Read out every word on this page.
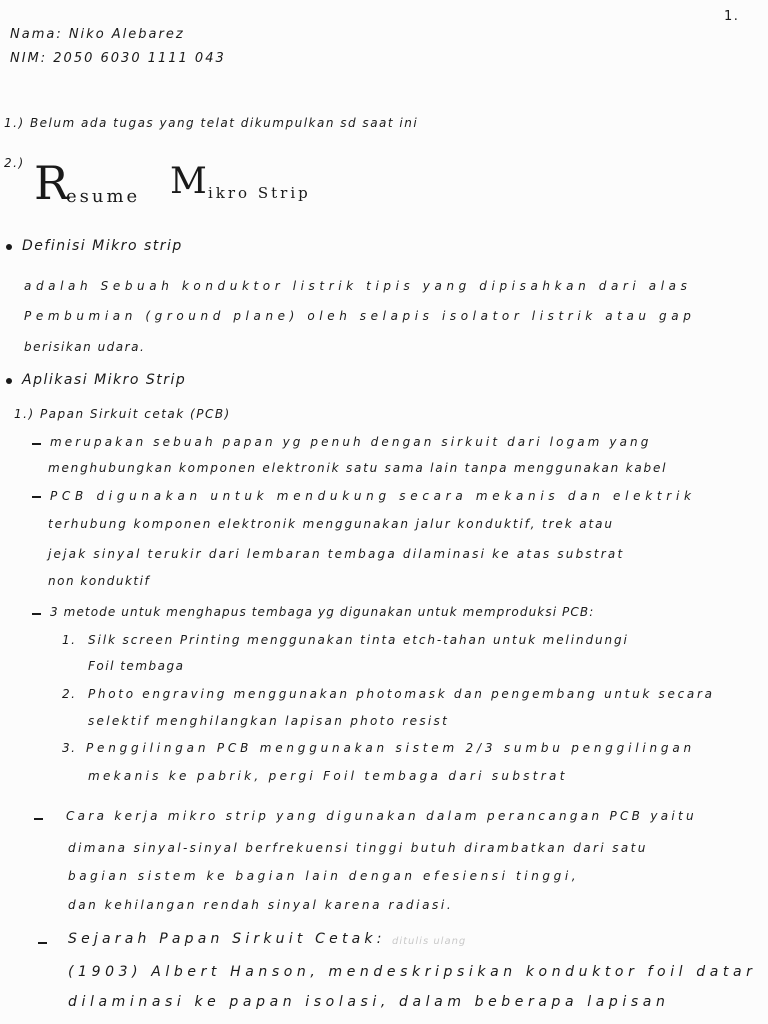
1.
Nama: Niko Alebarez
NIM: 2050 6030 1111 043
1.) Belum ada tugas yang telat dikumpulkan sd saat ini
2.) R
esume M
ikro Strip
Definisi Mikro strip
adalah Sebuah konduktor listrik tipis yang dipisahkan dari alas
Pembumian (ground plane) oleh selapis isolator listrik atau gap
berisikan udara.
Aplikasi Mikro Strip
1.) Papan Sirkuit cetak (PCB)
merupakan sebuah papan yg penuh dengan sirkuit dari logam yang
menghubungkan komponen elektronik satu sama lain tanpa menggunakan kabel
PCB digunakan untuk mendukung secara mekanis dan elektrik
terhubung komponen elektronik menggunakan jalur konduktif, trek atau
jejak sinyal terukir dari lembaran tembaga dilaminasi ke atas substrat
non konduktif
3 metode untuk menghapus tembaga yg digunakan untuk memproduksi PCB:
1. Silk screen Printing menggunakan tinta etch-tahan untuk melindungi
Foil tembaga
2. Photo engraving menggunakan photomask dan pengembang untuk secara
selektif menghilangkan lapisan photo resist
3. Penggilingan PCB menggunakan sistem 2/3 sumbu penggilingan
mekanis ke pabrik, pergi Foil tembaga dari substrat
Cara kerja mikro strip yang digunakan dalam perancangan PCB yaitu
dimana sinyal-sinyal berfrekuensi tinggi butuh dirambatkan dari satu
bagian sistem ke bagian lain dengan efesiensi tinggi,
dan kehilangan rendah sinyal karena radiasi.
Sejarah Papan Sirkuit Cetak: ditulis ulang
(1903) Albert Hanson, mendeskripsikan konduktor foil datar
dilaminasi ke papan isolasi, dalam beberapa lapisan
